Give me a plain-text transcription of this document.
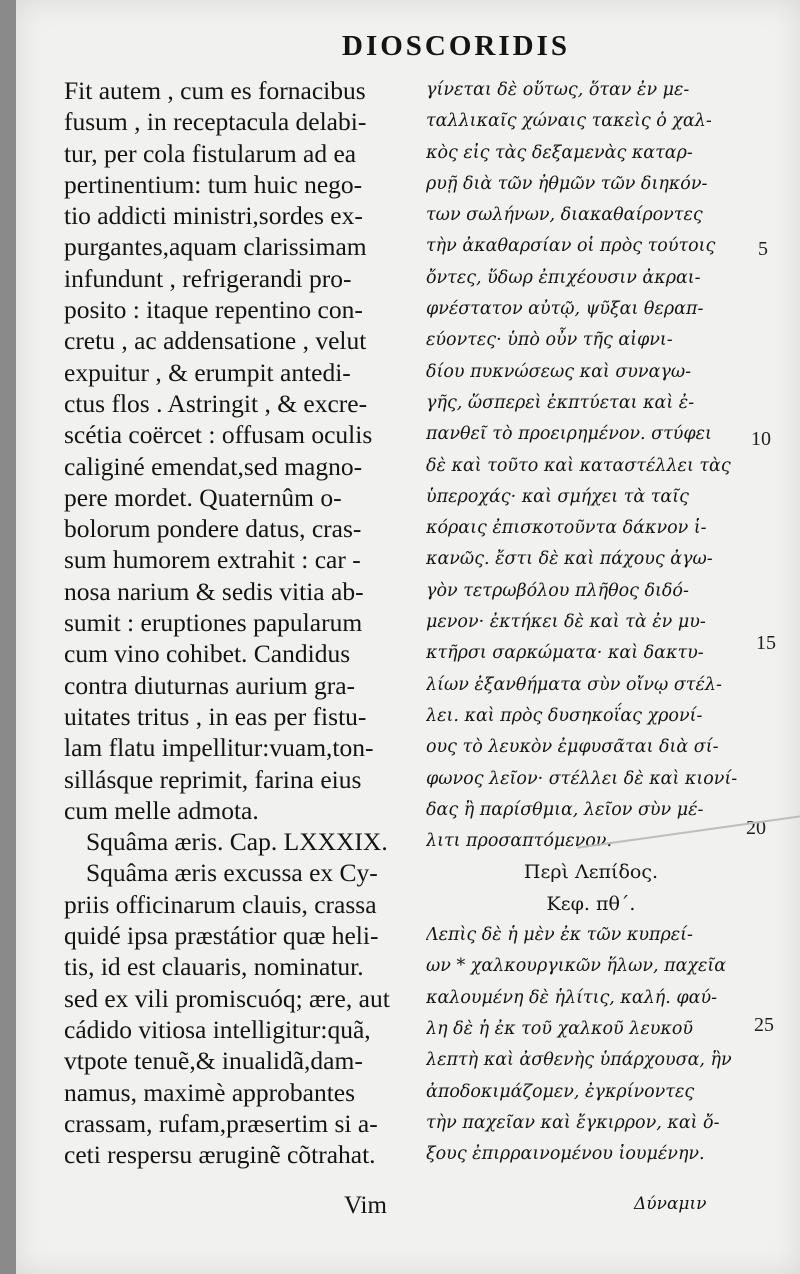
DIOSCORIDIS
Fit autem , cum es fornacibus
fusum , in receptacula delabi-
tur, per cola fistularum ad ea
pertinentium: tum huic nego-
tio addicti ministri,sordes ex-
purgantes,aquam clarissimam
infundunt , refrigerandi pro-
posito : itaque repentino con-
cretu , ac addensatione , velut
expuitur , & erumpit antedi-
ctus flos . Astringit , & excre-
scétia coërcet : offusam oculis
caliginé emendat,sed magno-
pere mordet. Quaternûm o-
bolorum pondere datus, cras-
sum humorem extrahit : car -
nosa narium & sedis vitia ab-
sumit : eruptiones papularum
cum vino cohibet. Candidus
contra diuturnas aurium gra-
uitates tritus , in eas per fistu-
lam flatu impellitur:vuam,ton-
sillásque reprimit, farina eius
cum melle admota.
Squâma æris. Cap. LXXXIX.
Squâma æris excussa ex Cy-
priis officinarum clauis, crassa
quidé ipsa præstátior quæ heli-
tis, id est clauaris, nominatur.
sed ex vili promiscuóq; ære, aut
cádido vitiosa intelligitur:quã,
vtpote tenuẽ,& inualidã,dam-
namus, maximè approbantes
crassam, rufam,præsertim si a-
ceti respersu æruginẽ cõtrahat.
γίνεται δὲ οὕτως, ὅταν ἐν με-
ταλλικαῖς χώναις τακεὶς ὁ χαλ-
κὸς εἰς τὰς δεξαμενὰς καταρ-
ρυῇ διὰ τῶν ἠθμῶν τῶν διηκόν-
των σωλήνων, διακαθαίροντες
τὴν ἀκαθαρσίαν οἱ πρὸς τούτοις
ὄντες, ὕδωρ ἐπιχέουσιν ἀκραι-
φνέστατον αὐτῷ, ψῦξαι θεραπ-
εύοντες· ὑπὸ οὖν τῆς αἰφνι-
δίου πυκνώσεως καὶ συναγω-
γῆς, ὥσπερεὶ ἐκπτύεται καὶ ἐ-
πανθεῖ τὸ προειρημένον. στύφει
δὲ καὶ τοῦτο καὶ καταστέλλει τὰς
ὑπεροχάς· καὶ σμήχει τὰ ταῖς
κόραις ἐπισκοτοῦντα δάκνον ἱ-
κανῶς. ἔστι δὲ καὶ πάχους ἀγω-
γὸν τετρωβόλου πλῆθος διδό-
μενον· ἐκτήκει δὲ καὶ τὰ ἐν μυ-
κτῆρσι σαρκώματα· καὶ δακτυ-
λίων ἐξανθήματα σὺν οἴνῳ στέλ-
λει. καὶ πρὸς δυσηκοΐας χρονί-
ους τὸ λευκὸν ἐμφυσᾶται διὰ σί-
φωνος λεῖον· στέλλει δὲ καὶ κιονί-
δας ἢ παρίσθμια, λεῖον σὺν μέ-
λιτι προσαπτόμενον.
Περὶ Λεπίδος.
Κεφ. πθ΄.
Λεπὶς δὲ ἡ μὲν ἐκ τῶν κυπρεί-
ων * χαλκουργικῶν ἥλων, παχεῖα
καλουμένη δὲ ἡλίτις, καλή. φαύ-
λη δὲ ἡ ἐκ τοῦ χαλκοῦ λευκοῦ
λεπτὴ καὶ ἀσθενὴς ὑπάρχουσα, ἣν
ἀποδοκιμάζομεν, ἐγκρίνοντες
τὴν παχεῖαν καὶ ἔγκιρρον, καὶ ὄ-
ξους ἐπιρραινομένου ἰουμένην.
5
10
15
20
25
Vim	Δύναμιν
